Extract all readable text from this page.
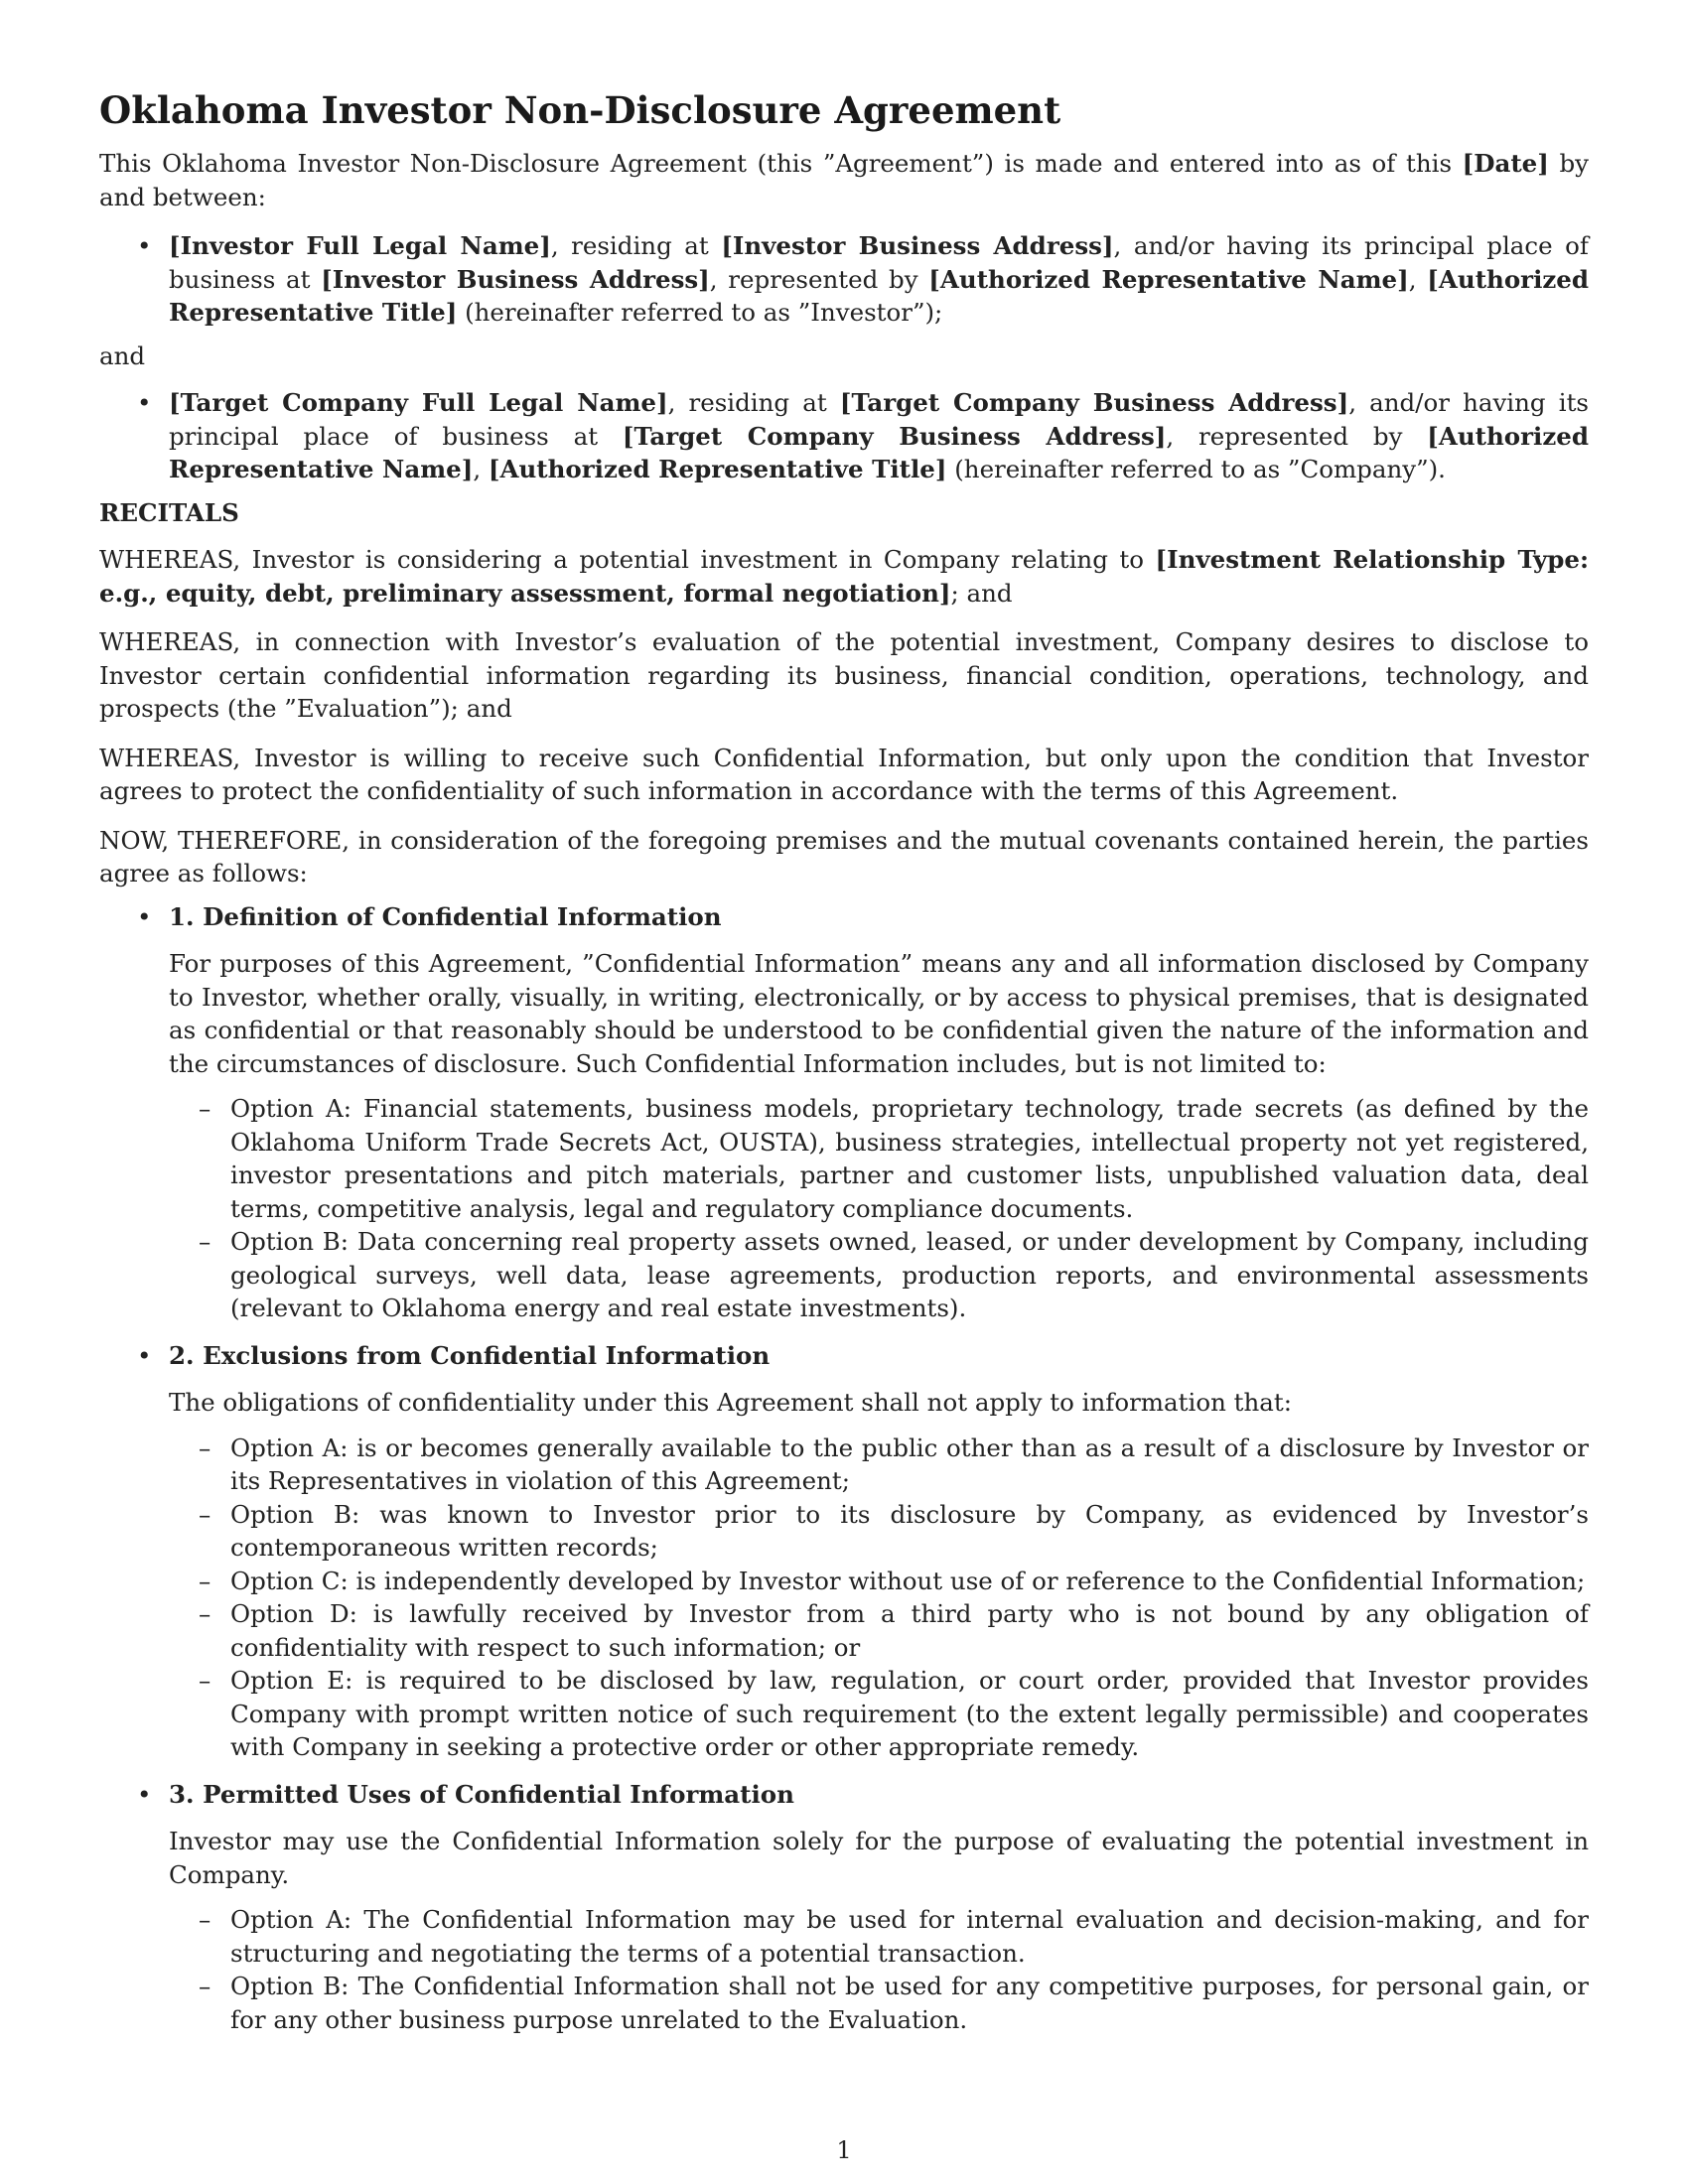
Oklahoma Investor Non-Disclosure Agreement

This Oklahoma Investor Non-Disclosure Agreement (this ”Agreement”) is made and entered into as of this [Date] by and between:

• [Investor Full Legal Name], residing at [Investor Business Address], and/or having its principal place of business at [Investor Business Address], represented by [Authorized Representative Name], [Authorized Representative Title] (hereinafter referred to as ”Investor”);
and
• [Target Company Full Legal Name], residing at [Target Company Business Address], and/or having its principal place of business at [Target Company Business Address], represented by [Authorized Representative Name], [Authorized Representative Title] (hereinafter referred to as ”Company”).
RECITALS

WHEREAS, Investor is considering a potential investment in Company relating to [Investment Relationship Type: e.g., equity, debt, preliminary assessment, formal negotiation]; and

WHEREAS, in connection with Investor’s evaluation of the potential investment, Company desires to disclose to Investor certain confidential information regarding its business, financial condition, operations, technology, and prospects (the ”Evaluation”); and

WHEREAS, Investor is willing to receive such Confidential Information, but only upon the condition that Investor agrees to protect the confidentiality of such information in accordance with the terms of this Agreement.

NOW, THEREFORE, in consideration of the foregoing premises and the mutual covenants contained herein, the parties agree as follows:

• 1. Definition of Confidential Information
For purposes of this Agreement, ”Confidential Information” means any and all information disclosed by Company to Investor, whether orally, visually, in writing, electronically, or by access to physical premises, that is designated as confidential or that reasonably should be understood to be confidential given the nature of the information and the circumstances of disclosure. Such Confidential Information includes, but is not limited to:
– Option A: Financial statements, business models, proprietary technology, trade secrets (as defined by the Oklahoma Uniform Trade Secrets Act, OUSTA), business strategies, intellectual property not yet registered, investor presentations and pitch materials, partner and customer lists, unpublished valuation data, deal terms, competitive analysis, legal and regulatory compliance documents.
– Option B: Data concerning real property assets owned, leased, or under development by Company, including geological surveys, well data, lease agreements, production reports, and environmental assessments (relevant to Oklahoma energy and real estate investments).
• 2. Exclusions from Confidential Information
The obligations of confidentiality under this Agreement shall not apply to information that:
– Option A: is or becomes generally available to the public other than as a result of a disclosure by Investor or its Representatives in violation of this Agreement;
– Option B: was known to Investor prior to its disclosure by Company, as evidenced by Investor’s contemporaneous written records;
– Option C: is independently developed by Investor without use of or reference to the Confidential Information;
– Option D: is lawfully received by Investor from a third party who is not bound by any obligation of confidentiality with respect to such information; or
– Option E: is required to be disclosed by law, regulation, or court order, provided that Investor provides Company with prompt written notice of such requirement (to the extent legally permissible) and cooperates with Company in seeking a protective order or other appropriate remedy.
• 3. Permitted Uses of Confidential Information
Investor may use the Confidential Information solely for the purpose of evaluating the potential investment in Company.
– Option A: The Confidential Information may be used for internal evaluation and decision-making, and for structuring and negotiating the terms of a potential transaction.
– Option B: The Confidential Information shall not be used for any competitive purposes, for personal gain, or for any other business purpose unrelated to the Evaluation.
1
